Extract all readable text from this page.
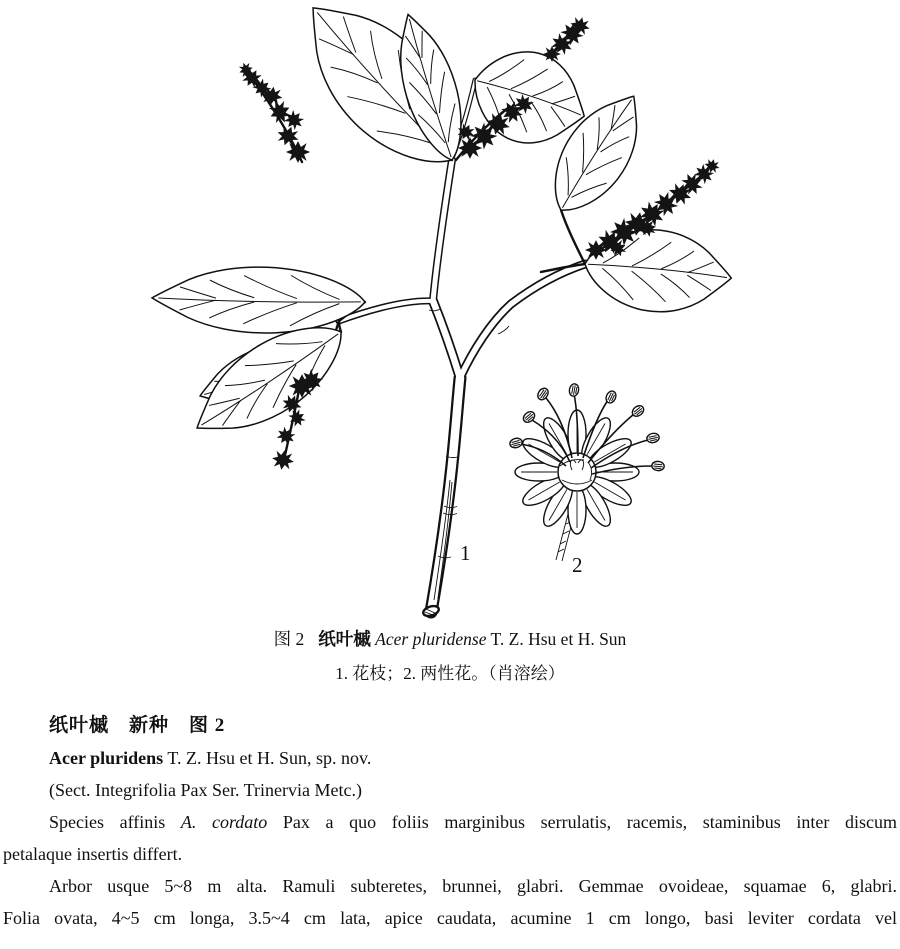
1	2
图 2 纸叶槭 Acer pluridense T. Z. Hsu et H. Sun
1. 花枝；2. 两性花。（肖溶绘）
纸叶槭　新种　图 2
Acer pluridens T. Z. Hsu et H. Sun, sp. nov.
(Sect. Integrifolia Pax Ser. Trinervia Metc.)
Species affinis A. cordato Pax a quo foliis marginibus serrulatis, racemis, staminibus inter discum
petalaque insertis differt.
Arbor usque 5~8 m alta. Ramuli subteretes, brunnei, glabri. Gemmae ovoideae, squamae 6, glabri.
Folia ovata, 4~5 cm longa, 3.5~4 cm lata, apice caudata, acumine 1 cm longo, basi leviter cordata vel
